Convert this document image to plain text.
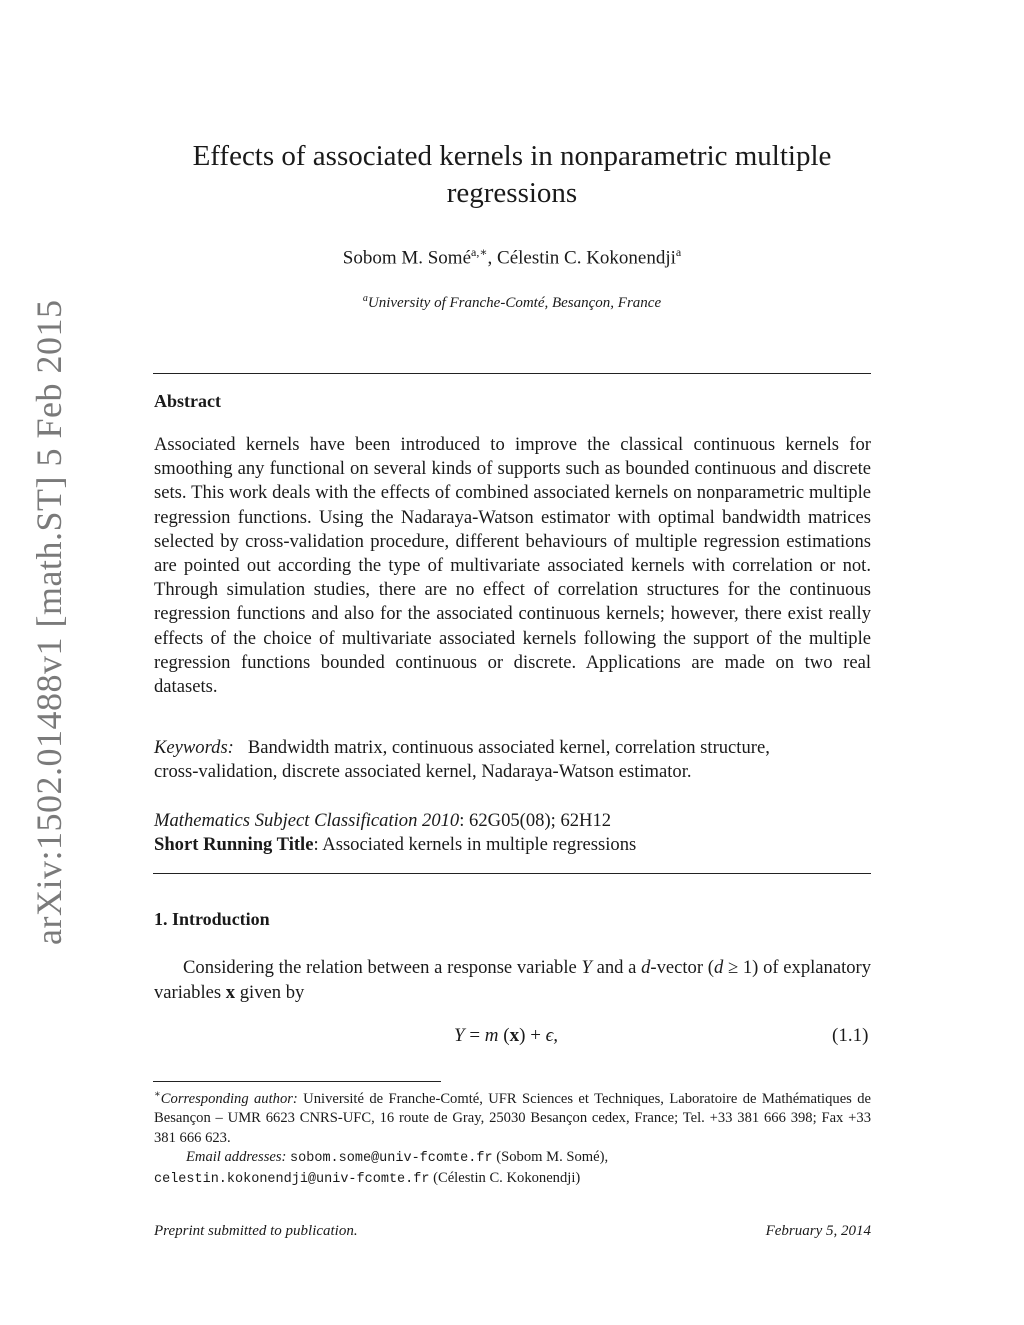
arXiv:1502.01488v1 [math.ST] 5 Feb 2015
Effects of associated kernels in nonparametric multiple regressions
Sobom M. Somé$^{a,∗}$, Célestin C. Kokonendji$^a$
$^a$University of Franche-Comté, Besançon, France
Abstract
Associated kernels have been introduced to improve the classical continuous kernels for smoothing any functional on several kinds of supports such as bounded continuous and discrete sets. This work deals with the effects of combined associated kernels on nonparametric multiple regression functions. Using the Nadaraya-Watson estimator with optimal bandwidth matrices selected by cross-validation procedure, different behaviours of multiple regression estimations are pointed out according the type of multivariate associated kernels with correlation or not. Through simulation studies, there are no effect of correlation structures for the continuous regression functions and also for the associated continuous kernels; however, there exist really effects of the choice of multivariate associated kernels following the support of the multiple regression functions bounded continuous or discrete. Applications are made on two real datasets.
Keywords: Bandwidth matrix, continuous associated kernel, correlation structure, cross-validation, discrete associated kernel, Nadaraya-Watson estimator.
Mathematics Subject Classification 2010: 62G05(08); 62H12
Short Running Title: Associated kernels in multiple regressions
1. Introduction
Considering the relation between a response variable Y and a d-vector (d ≥ 1) of explanatory variables x given by
Y = m (x) + ϵ,	(1.1)
∗Corresponding author: Université de Franche-Comté, UFR Sciences et Techniques, Laboratoire de Mathématiques de Besançon – UMR 6623 CNRS-UFC, 16 route de Gray, 25030 Besançon cedex, France; Tel. +33 381 666 398; Fax +33 381 666 623.
Email addresses: sobom.some@univ-fcomte.fr (Sobom M. Somé),
celestin.kokonendji@univ-fcomte.fr (Célestin C. Kokonendji)
Preprint submitted to publication.	February 5, 2014
